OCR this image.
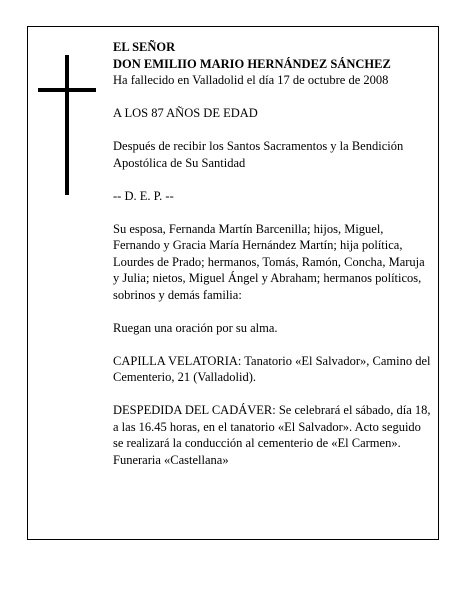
EL SEÑOR

DON EMILIIO MARIO HERNÁNDEZ SÁNCHEZ

Ha fallecido en Valladolid el día 17 de octubre de 2008

A LOS 87 AÑOS DE EDAD

Después de recibir los Santos Sacramentos y la Bendición Apostólica de Su Santidad

-- D. E. P. --

Su esposa, Fernanda Martín Barcenilla; hijos, Miguel, Fernando y Gracia María Hernández Martín; hija política, Lourdes de Prado; hermanos, Tomás, Ramón, Concha, Maruja y Julia; nietos, Miguel Ángel y Abraham; hermanos políticos, sobrinos y demás familia:

Ruegan una oración por su alma.

CAPILLA VELATORIA: Tanatorio «El Salvador», Camino del Cementerio, 21 (Valladolid).

DESPEDIDA DEL CADÁVER: Se celebrará el sábado, día 18, a las 16.45 horas, en el tanatorio «El Salvador». Acto seguido se realizará la conducción al cementerio de «El Carmen».

Funeraria «Castellana»
